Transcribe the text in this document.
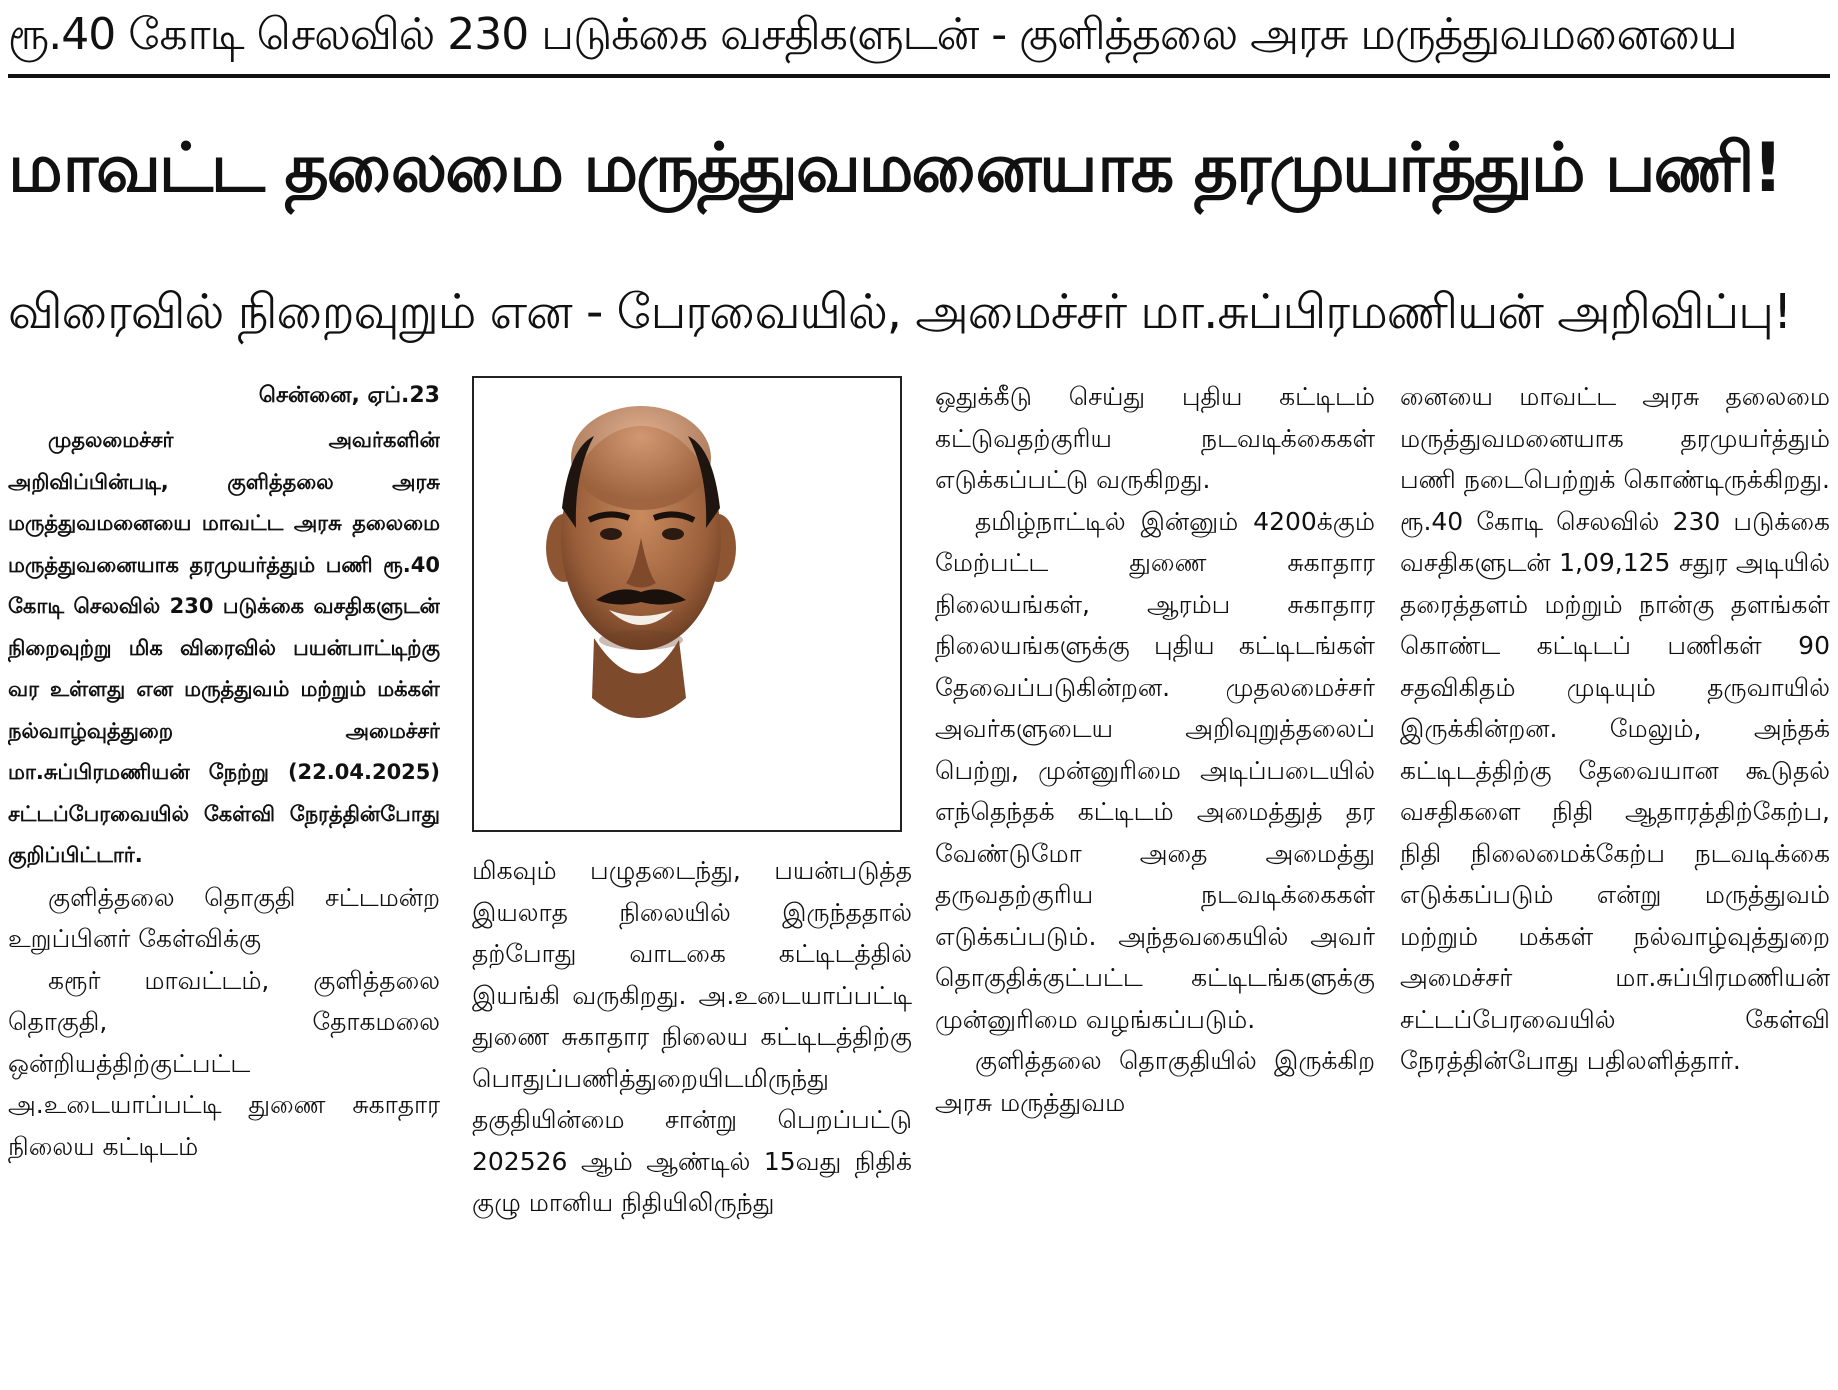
ரூ.40 கோடி செலவில் 230 படுக்கை வசதிகளுடன் - குளித்தலை அரசு மருத்துவமனையை
மாவட்ட தலைமை மருத்துவமனையாக தரமுயர்த்தும் பணி!
விரைவில் நிறைவுறும் என - பேரவையில், அமைச்சர் மா.சுப்பிரமணியன் அறிவிப்பு!

சென்னை, ஏப்.23

முதலமைச்சர் அவர்களின் அறிவிப்பின்படி, குளித்தலை அரசு மருத்துவமனையை மாவட்ட அரசு தலைமை மருத்துவனையாக தரமுயர்த்தும் பணி ரூ.40 கோடி செலவில் 230 படுக்கை வசதிகளுடன் நிறைவுற்று மிக விரைவில் பயன்பாட்டிற்கு வர உள்ளது என மருத்துவம் மற்றும் மக்கள் நல்வாழ்வுத்துறை அமைச்சர் மா.சுப்பிரமணியன் நேற்று (22.04.2025) சட்டப்பேரவையில் கேள்வி நேரத்தின்போது குறிப்பிட்டார்.

குளித்தலை தொகுதி சட்டமன்ற உறுப்பினர் கேள்விக்கு

கரூர் மாவட்டம், குளித்தலை தொகுதி, தோகமலை ஒன்றியத்திற்குட்பட்ட அ.உடையாப்பட்டி துணை சுகாதார நிலைய கட்டிடம்

மிகவும் பழுதடைந்து, பயன்படுத்த இயலாத நிலையில் இருந்ததால் தற்போது வாடகை கட்டிடத்தில் இயங்கி வருகிறது. அ.உடையாப்பட்டி துணை சுகாதார நிலைய கட்டிடத்திற்கு பொதுப்பணித்துறையிடமிருந்து தகுதியின்மை சான்று பெறப்பட்டு 202526 ஆம் ஆண்டில் 15வது நிதிக் குழு மானிய நிதியிலிருந்து

ஒதுக்கீடு செய்து புதிய கட்டிடம் கட்டுவதற்குரிய நடவடிக்கைகள் எடுக்கப்பட்டு வருகிறது.

தமிழ்நாட்டில் இன்னும் 4200க்கும் மேற்பட்ட துணை சுகாதார நிலையங்கள், ஆரம்ப சுகாதார நிலையங்களுக்கு புதிய கட்டிடங்கள் தேவைப்படுகின்றன. முதலமைச்சர் அவர்களுடைய அறிவுறுத்தலைப் பெற்று, முன்னுரிமை அடிப்படையில் எந்தெந்தக் கட்டிடம் அமைத்துத் தர வேண்டுமோ அதை அமைத்து தருவதற்குரிய நடவடிக்கைகள் எடுக்கப்படும். அந்தவகையில் அவர் தொகுதிக்குட்பட்ட கட்டிடங்களுக்கு முன்னுரிமை வழங்கப்படும்.

குளித்தலை தொகுதியில் இருக்கிற அரசு மருத்துவம

னையை மாவட்ட அரசு தலைமை மருத்துவமனையாக தரமுயர்த்தும் பணி நடைபெற்றுக் கொண்டிருக்கிறது. ரூ.40 கோடி செலவில் 230 படுக்கை வசதிகளுடன் 1,09,125 சதுர அடியில் தரைத்தளம் மற்றும் நான்கு தளங்கள் கொண்ட கட்டிடப் பணிகள் 90 சதவிகிதம் முடியும் தருவாயில் இருக்கின்றன. மேலும், அந்தக் கட்டிடத்திற்கு தேவையான கூடுதல் வசதிகளை நிதி ஆதாரத்திற்கேற்ப, நிதி நிலைமைக்கேற்ப நடவடிக்கை எடுக்கப்படும் என்று மருத்துவம் மற்றும் மக்கள் நல்வாழ்வுத்துறை அமைச்சர் மா.சுப்பிரமணியன் சட்டப்பேரவையில் கேள்வி நேரத்தின்போது பதிலளித்தார்.
